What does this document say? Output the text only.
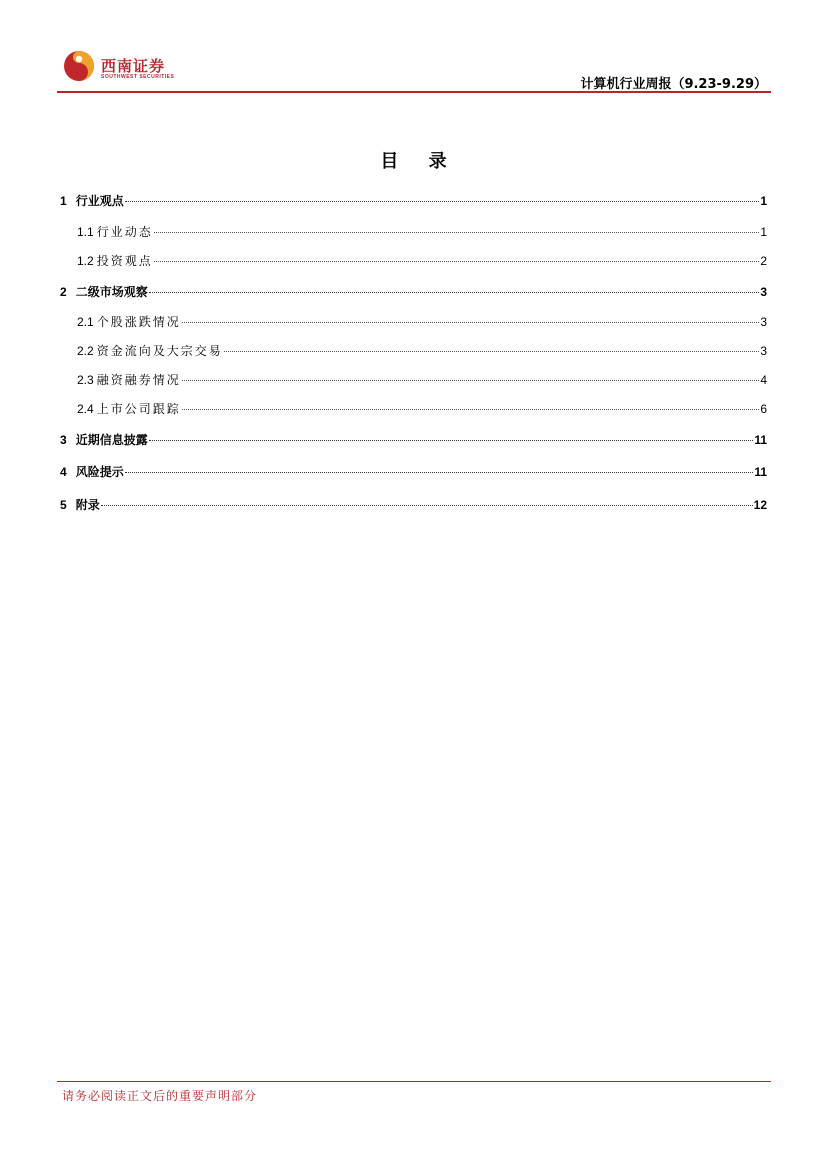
西南证券
SOUTHWEST SECURITIES	计算机行业周报（9.23-9.29）
目 录
1 行业观点	1
1.1 行业动态	1
1.2 投资观点	2
2 二级市场观察	3
2.1 个股涨跌情况	3
2.2 资金流向及大宗交易	3
2.3 融资融券情况	4
2.4 上市公司跟踪	6
3 近期信息披露	11
4 风险提示	11
5 附录	12
请务必阅读正文后的重要声明部分
